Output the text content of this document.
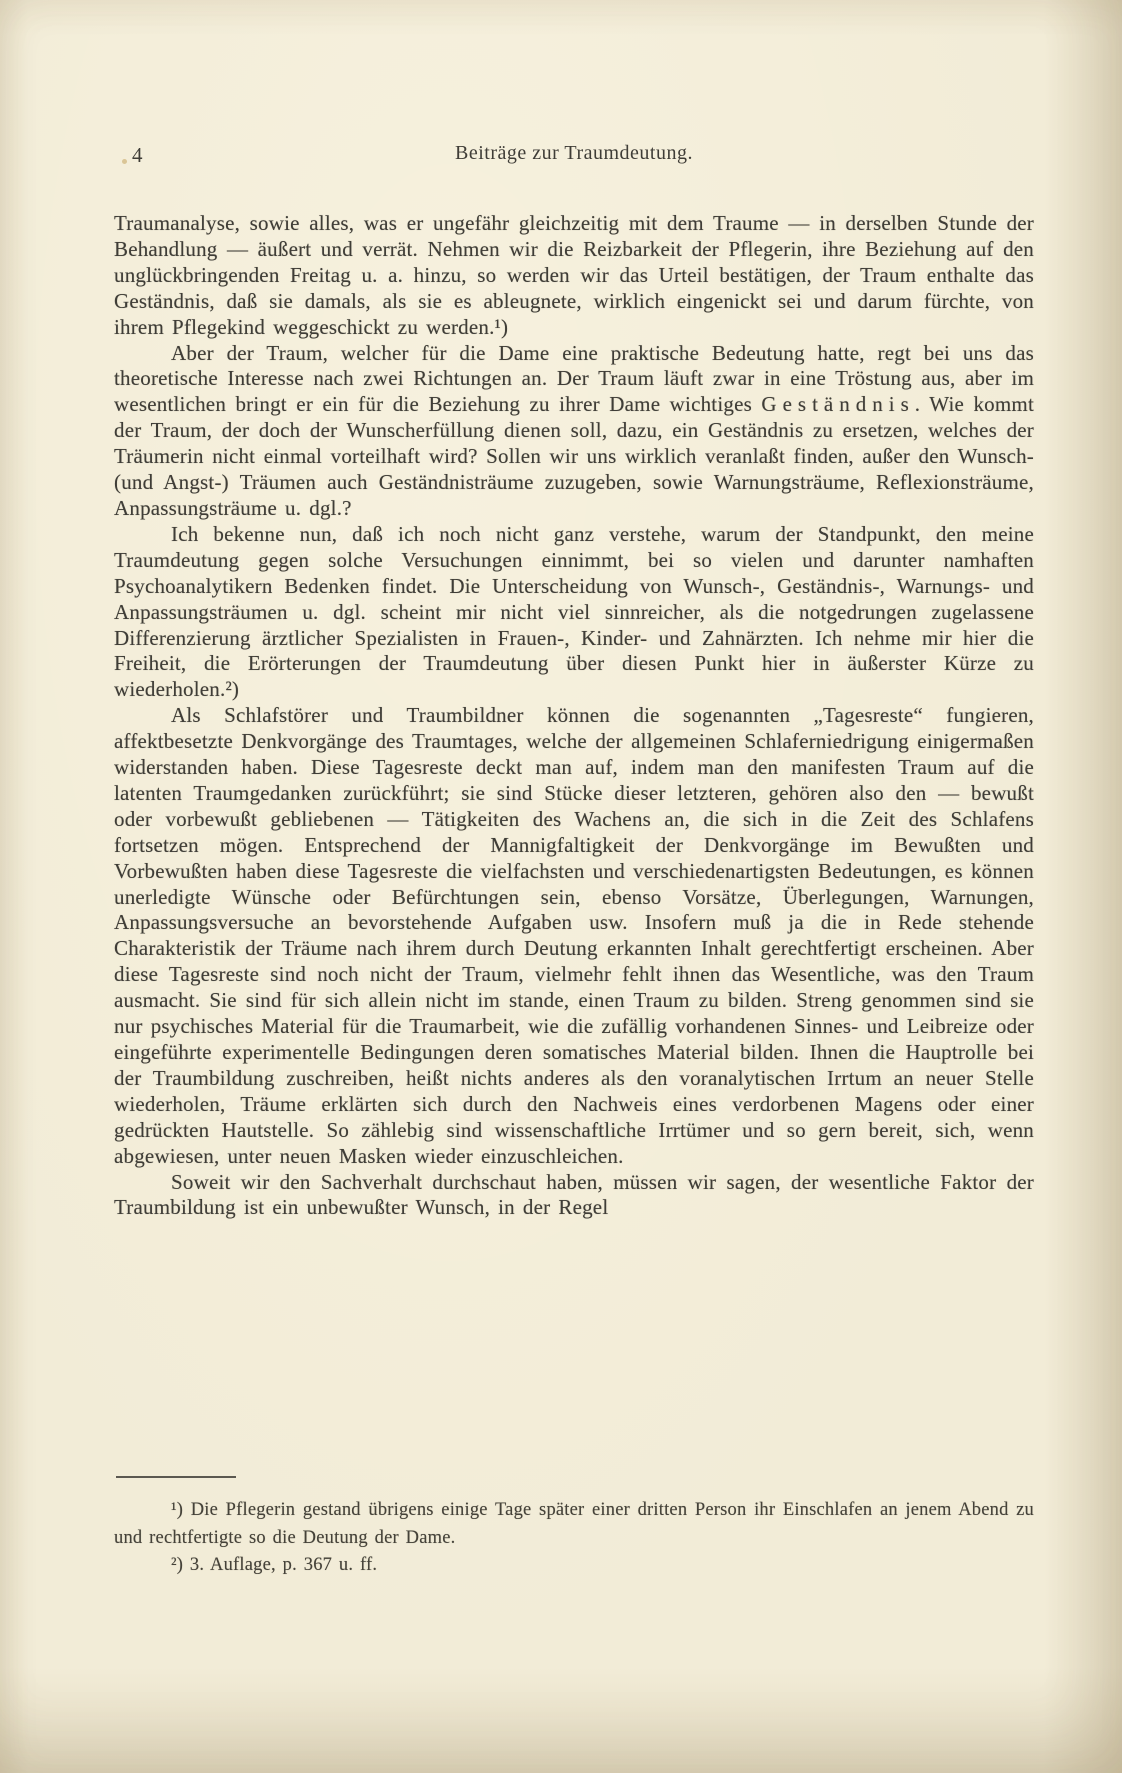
4	Beiträge zur Traumdeutung.

Traumanalyse, sowie alles, was er ungefähr gleichzeitig mit dem Traume — in derselben Stunde der Behandlung — äußert und verrät. Nehmen wir die Reizbarkeit der Pflegerin, ihre Beziehung auf den unglückbringenden Freitag u. a. hinzu, so werden wir das Urteil bestätigen, der Traum enthalte das Geständnis, daß sie damals, als sie es ableugnete, wirklich eingenickt sei und darum fürchte, von ihrem Pflegekind weggeschickt zu werden.¹)

Aber der Traum, welcher für die Dame eine praktische Bedeutung hatte, regt bei uns das theoretische Interesse nach zwei Richtungen an. Der Traum läuft zwar in eine Tröstung aus, aber im wesentlichen bringt er ein für die Beziehung zu ihrer Dame wichtiges Geständnis. Wie kommt der Traum, der doch der Wunscherfüllung dienen soll, dazu, ein Geständnis zu ersetzen, welches der Träumerin nicht einmal vorteilhaft wird? Sollen wir uns wirklich veranlaßt finden, außer den Wunsch- (und Angst-) Träumen auch Geständnisträume zuzugeben, sowie Warnungsträume, Reflexionsträume, Anpassungsträume u. dgl.?

Ich bekenne nun, daß ich noch nicht ganz verstehe, warum der Standpunkt, den meine Traumdeutung gegen solche Versuchungen einnimmt, bei so vielen und darunter namhaften Psychoanalytikern Bedenken findet. Die Unterscheidung von Wunsch-, Geständnis-, Warnungs- und Anpassungsträumen u. dgl. scheint mir nicht viel sinnreicher, als die notgedrungen zugelassene Differenzierung ärztlicher Spezialisten in Frauen-, Kinder- und Zahnärzten. Ich nehme mir hier die Freiheit, die Erörterungen der Traumdeutung über diesen Punkt hier in äußerster Kürze zu wiederholen.²)

Als Schlafstörer und Traumbildner können die sogenannten „Tagesreste“ fungieren, affektbesetzte Denkvorgänge des Traumtages, welche der allgemeinen Schlaferniedrigung einigermaßen widerstanden haben. Diese Tagesreste deckt man auf, indem man den manifesten Traum auf die latenten Traumgedanken zurückführt; sie sind Stücke dieser letzteren, gehören also den — bewußt oder vorbewußt gebliebenen — Tätigkeiten des Wachens an, die sich in die Zeit des Schlafens fortsetzen mögen. Entsprechend der Mannigfaltigkeit der Denkvorgänge im Bewußten und Vorbewußten haben diese Tagesreste die vielfachsten und verschiedenartigsten Bedeutungen, es können unerledigte Wünsche oder Befürchtungen sein, ebenso Vorsätze, Überlegungen, Warnungen, Anpassungsversuche an bevorstehende Aufgaben usw. Insofern muß ja die in Rede stehende Charakteristik der Träume nach ihrem durch Deutung erkannten Inhalt gerechtfertigt erscheinen. Aber diese Tagesreste sind noch nicht der Traum, vielmehr fehlt ihnen das Wesentliche, was den Traum ausmacht. Sie sind für sich allein nicht im stande, einen Traum zu bilden. Streng genommen sind sie nur psychisches Material für die Traumarbeit, wie die zufällig vorhandenen Sinnes- und Leibreize oder eingeführte experimentelle Bedingungen deren somatisches Material bilden. Ihnen die Hauptrolle bei der Traumbildung zuschreiben, heißt nichts anderes als den voranalytischen Irrtum an neuer Stelle wiederholen, Träume erklärten sich durch den Nachweis eines verdorbenen Magens oder einer gedrückten Hautstelle. So zählebig sind wissenschaftliche Irrtümer und so gern bereit, sich, wenn abgewiesen, unter neuen Masken wieder einzuschleichen.

Soweit wir den Sachverhalt durchschaut haben, müssen wir sagen, der wesentliche Faktor der Traumbildung ist ein unbewußter Wunsch, in der Regel

¹) Die Pflegerin gestand übrigens einige Tage später einer dritten Person ihr Einschlafen an jenem Abend zu und rechtfertigte so die Deutung der Dame.

²) 3. Auflage, p. 367 u. ff.
